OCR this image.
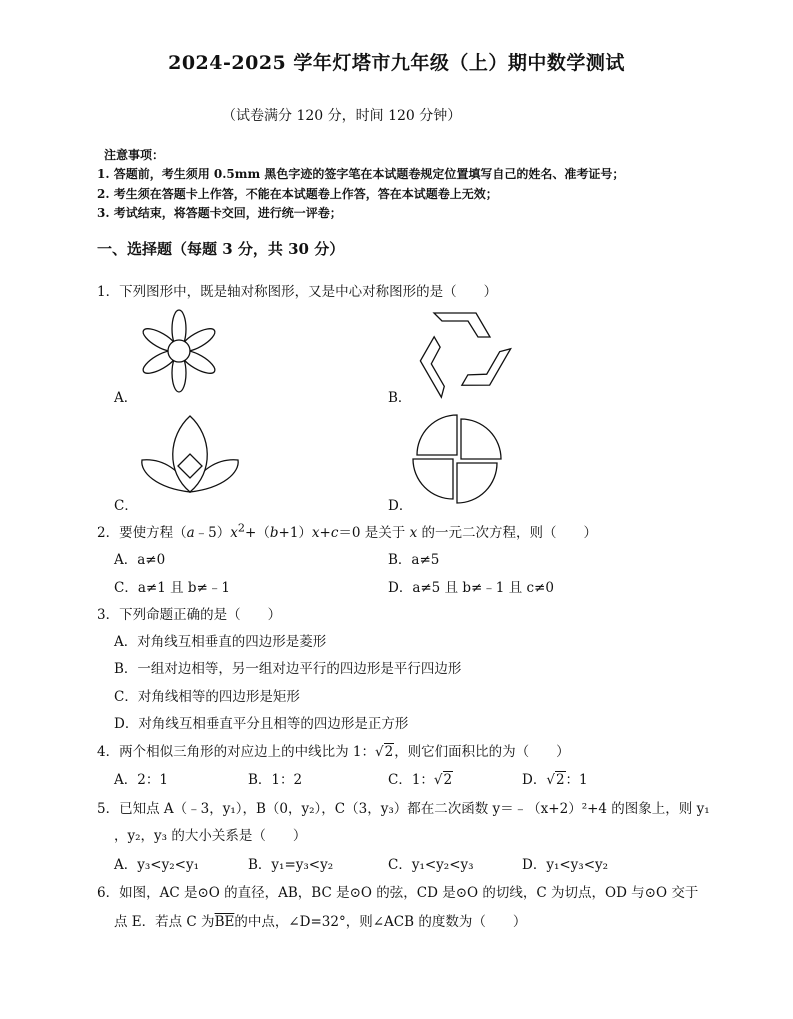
2024-2025 学年灯塔市九年级（上）期中数学测试
（试卷满分 120 分，时间 120 分钟）
注意事项：
1. 答题前，考生须用 0.5mm 黑色字迹的签字笔在本试题卷规定位置填写自己的姓名、准考证号；
2. 考生须在答题卡上作答，不能在本试题卷上作答，答在本试题卷上无效；
3. 考试结束，将答题卡交回，进行统一评卷；
一、选择题（每题 3 分，共 30 分）
1．下列图形中，既是轴对称图形，又是中心对称图形的是（　　）
A．	B．
C．	D．
2．要使方程$(a﹣5)x^2+(b+1)x+c=0$ 是关于 x 的一元二次方程，则（　　）
A．a≠0	B．a≠5
C．a≠1 且 b≠﹣1	D．a≠5 且 b≠﹣1 且 c≠0
3．下列命题正确的是（　　）
A．对角线互相垂直的四边形是菱形
B．一组对边相等，另一组对边平行的四边形是平行四边形
C．对角线相等的四边形是矩形
D．对角线互相垂直平分且相等的四边形是正方形
4．两个相似三角形的对应边上的中线比为 1：√2，则它们面积比的为（　　）
A．2：1	B．1：2	C．1：√2	D．√2：1
5．已知点 A（﹣3，y₁），B（0，y₂），C（3，y₃）都在二次函数 y＝﹣（x+2）²+4 的图象上，则 y₁
，y₂，y₃ 的大小关系是（　　）
A．y₃<y₂<y₁	B．y₁=y₃<y₂	C．y₁<y₂<y₃	D．y₁<y₃<y₂
6．如图，AC 是⊙O 的直径，AB，BC 是⊙O 的弦，CD 是⊙O 的切线，C 为切点，OD 与⊙O 交于
点 E．若点 C 为$\overline{BE}$的中点，∠D=32°，则∠ACB 的度数为（　　）
